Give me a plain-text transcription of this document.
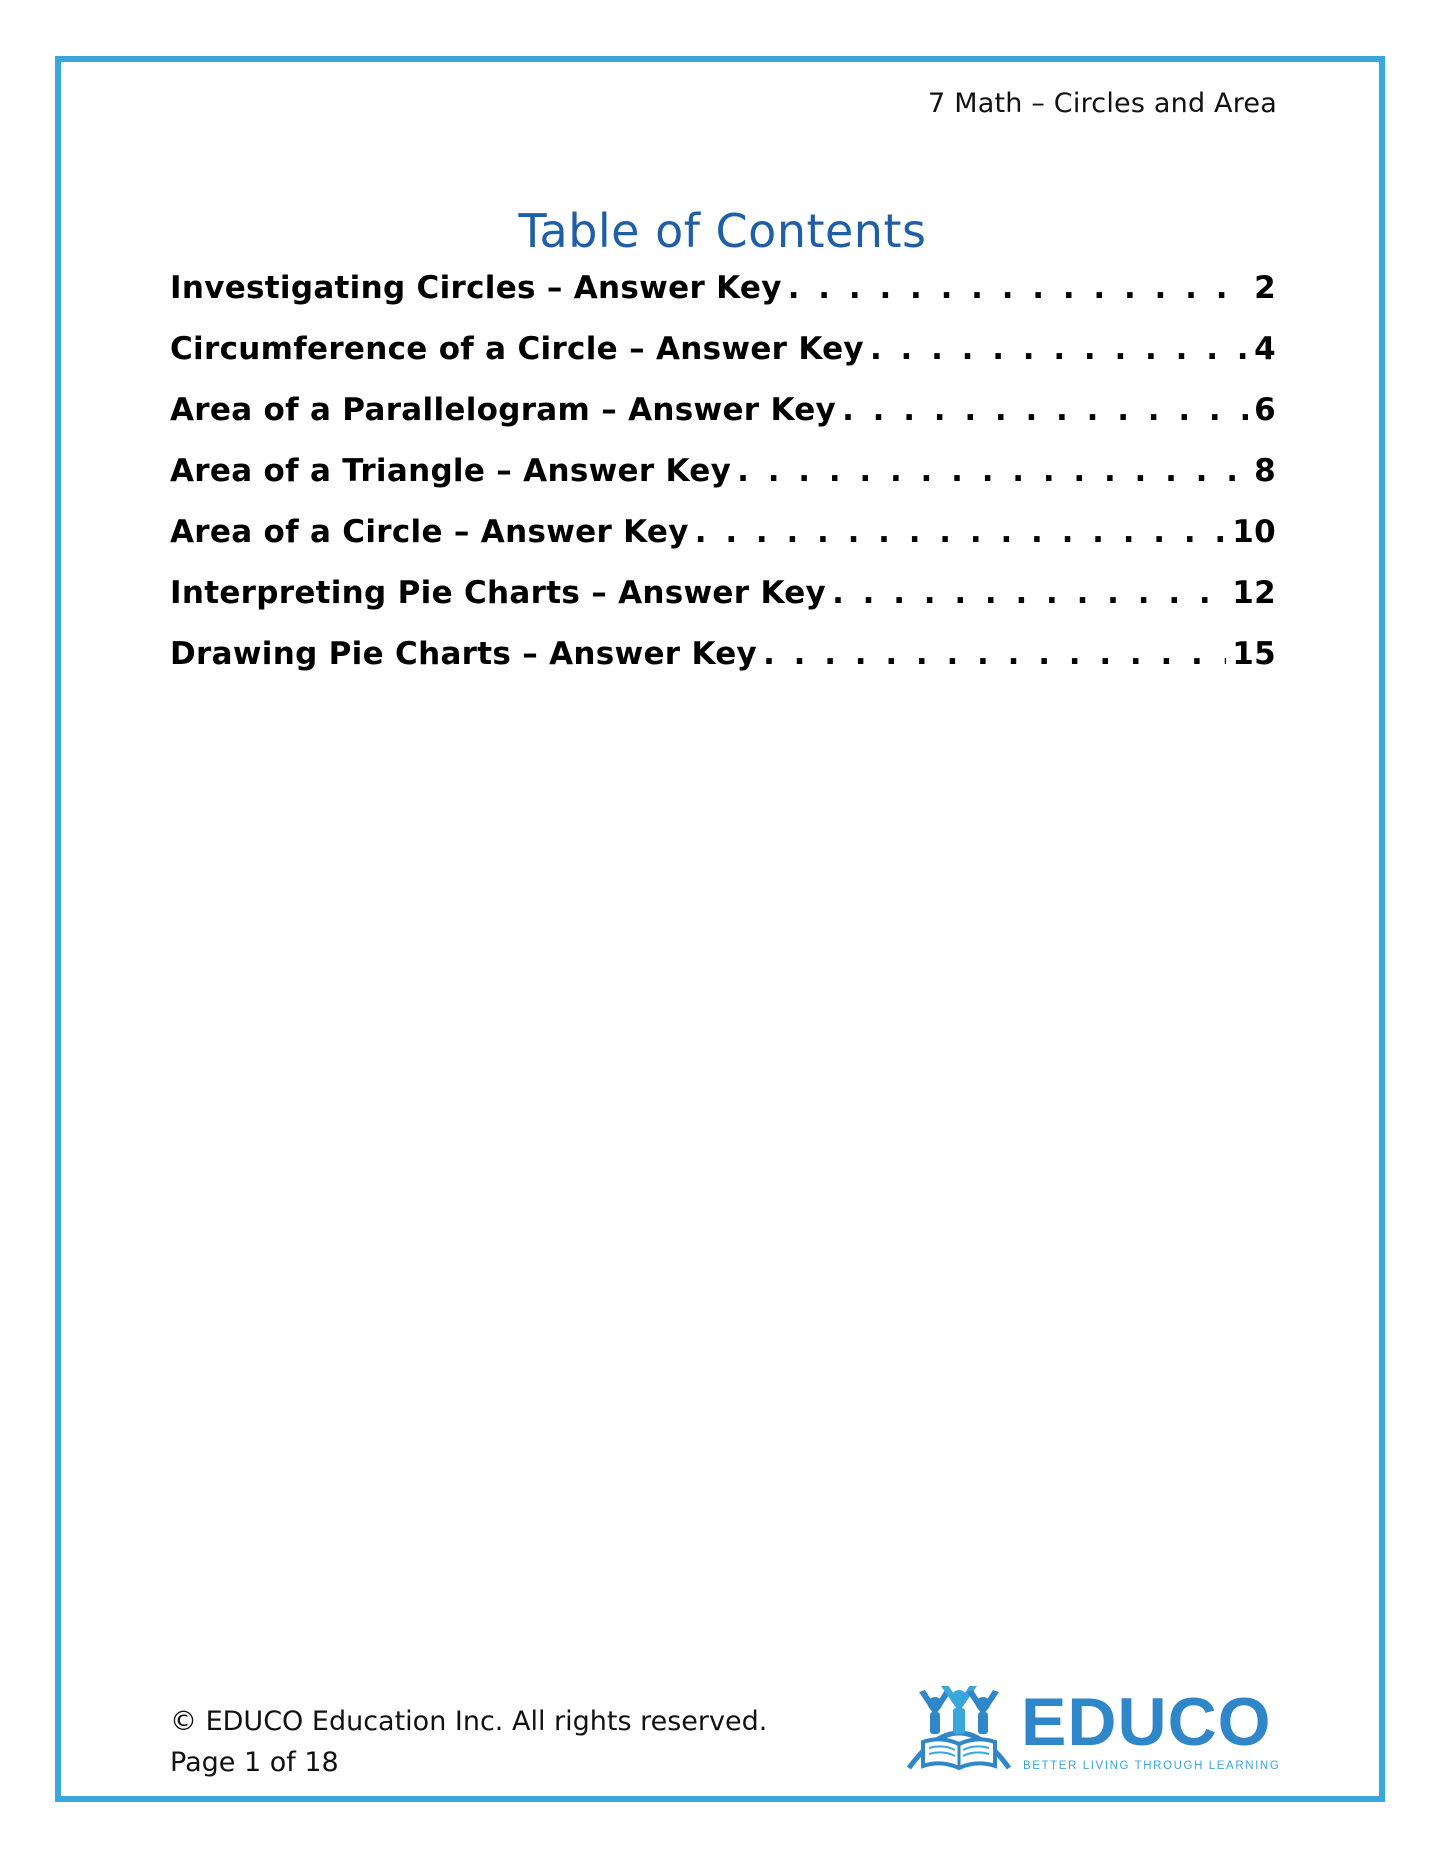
7 Math – Circles and Area
Table of Contents
Investigating Circles – Answer Key . . .	2
Circumference of a Circle – Answer Key . . .	4
Area of a Parallelogram – Answer Key . . .	6
Area of a Triangle – Answer Key . . .	8
Area of a Circle – Answer Key . . .	10
Interpreting Pie Charts – Answer Key . . .	12
Drawing Pie Charts – Answer Key . . .	15
© EDUCO Education Inc. All rights reserved.
Page 1 of 18
EDUCO
BETTER LIVING THROUGH LEARNING
